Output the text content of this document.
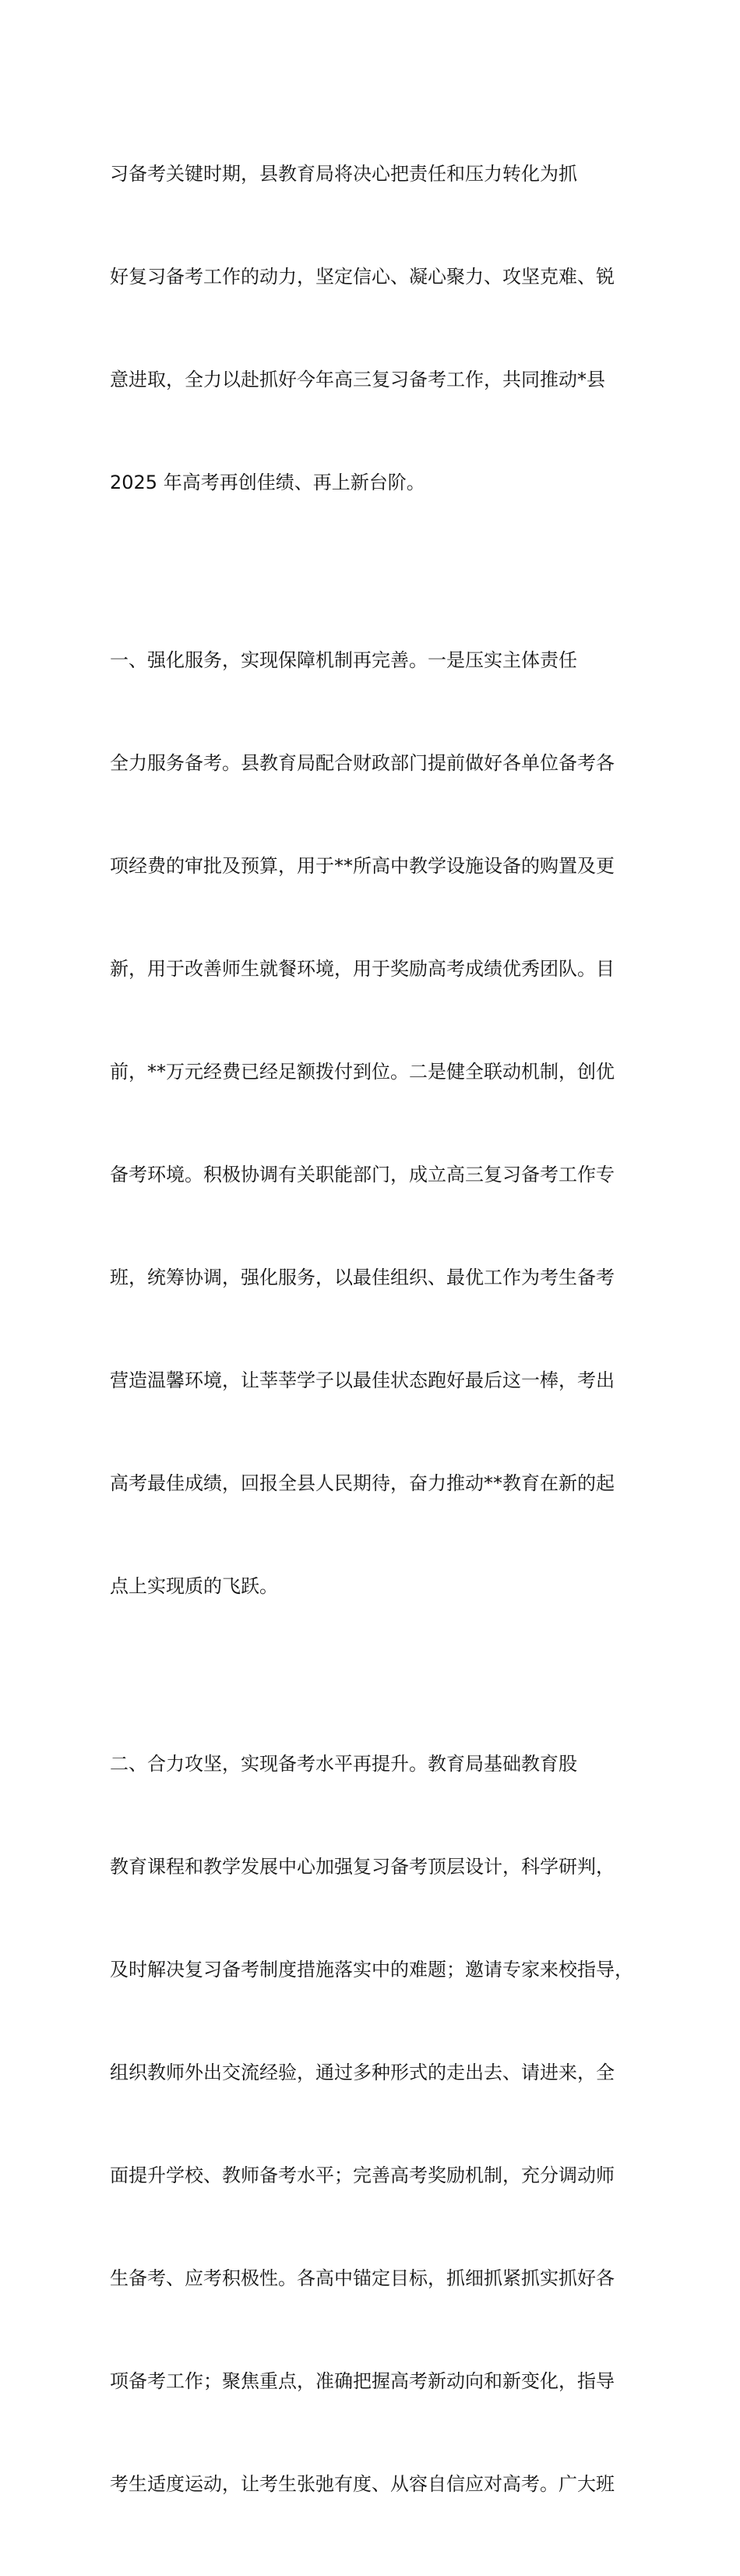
习备考关键时期，县教育局将决心把责任和压力转化为抓

好复习备考工作的动力，坚定信心、凝心聚力、攻坚克难、锐

意进取，全力以赴抓好今年高三复习备考工作，共同推动*县

2025 年高考再创佳绩、再上新台阶。

一、强化服务，实现保障机制再完善。一是压实主体责任

全力服务备考。县教育局配合财政部门提前做好各单位备考各

项经费的审批及预算，用于**所高中教学设施设备的购置及更

新，用于改善师生就餐环境，用于奖励高考成绩优秀团队。目

前，**万元经费已经足额拨付到位。二是健全联动机制，创优

备考环境。积极协调有关职能部门，成立高三复习备考工作专

班，统筹协调，强化服务，以最佳组织、最优工作为考生备考

营造温馨环境，让莘莘学子以最佳状态跑好最后这一棒，考出

高考最佳成绩，回报全县人民期待，奋力推动**教育在新的起

点上实现质的飞跃。

二、合力攻坚，实现备考水平再提升。教育局基础教育股

教育课程和教学发展中心加强复习备考顶层设计，科学研判，

及时解决复习备考制度措施落实中的难题；邀请专家来校指导，

组织教师外出交流经验，通过多种形式的走出去、请进来，全

面提升学校、教师备考水平；完善高考奖励机制，充分调动师

生备考、应考积极性。各高中锚定目标，抓细抓紧抓实抓好各

项备考工作；聚焦重点，准确把握高考新动向和新变化，指导

考生适度运动，让考生张弛有度、从容自信应对高考。广大班
